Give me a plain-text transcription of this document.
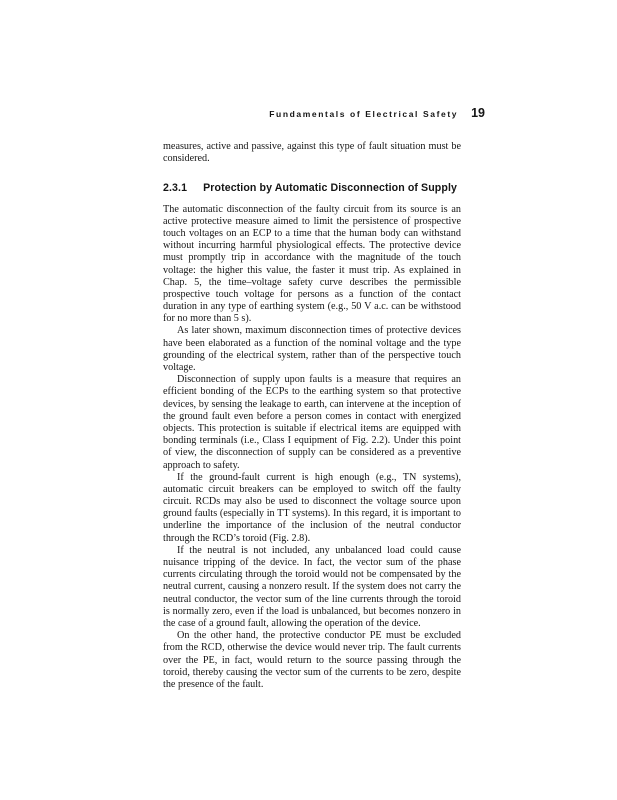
Fundamentals of Electrical Safety 19

measures, active and passive, against this type of fault situation must be considered.

2.3.1 Protection by Automatic Disconnection of Supply

The automatic disconnection of the faulty circuit from its source is an active protective measure aimed to limit the persistence of prospective touch voltages on an ECP to a time that the human body can withstand without incurring harmful physiological effects. The protective device must promptly trip in accordance with the magnitude of the touch voltage: the higher this value, the faster it must trip. As explained in Chap. 5, the time–voltage safety curve describes the permissible prospective touch voltage for persons as a function of the contact duration in any type of earthing system (e.g., 50 V a.c. can be withstood for no more than 5 s).

As later shown, maximum disconnection times of protective devices have been elaborated as a function of the nominal voltage and the type grounding of the electrical system, rather than of the perspective touch voltage.

Disconnection of supply upon faults is a measure that requires an efficient bonding of the ECPs to the earthing system so that protective devices, by sensing the leakage to earth, can intervene at the inception of the ground fault even before a person comes in contact with energized objects. This protection is suitable if electrical items are equipped with bonding terminals (i.e., Class I equipment of Fig. 2.2). Under this point of view, the disconnection of supply can be considered as a preventive approach to safety.

If the ground-fault current is high enough (e.g., TN systems), automatic circuit breakers can be employed to switch off the faulty circuit. RCDs may also be used to disconnect the voltage source upon ground faults (especially in TT systems). In this regard, it is important to underline the importance of the inclusion of the neutral conductor through the RCD’s toroid (Fig. 2.8).

If the neutral is not included, any unbalanced load could cause nuisance tripping of the device. In fact, the vector sum of the phase currents circulating through the toroid would not be compensated by the neutral current, causing a nonzero result. If the system does not carry the neutral conductor, the vector sum of the line currents through the toroid is normally zero, even if the load is unbalanced, but becomes nonzero in the case of a ground fault, allowing the operation of the device.

On the other hand, the protective conductor PE must be excluded from the RCD, otherwise the device would never trip. The fault currents over the PE, in fact, would return to the source passing through the toroid, thereby causing the vector sum of the currents to be zero, despite the presence of the fault.
